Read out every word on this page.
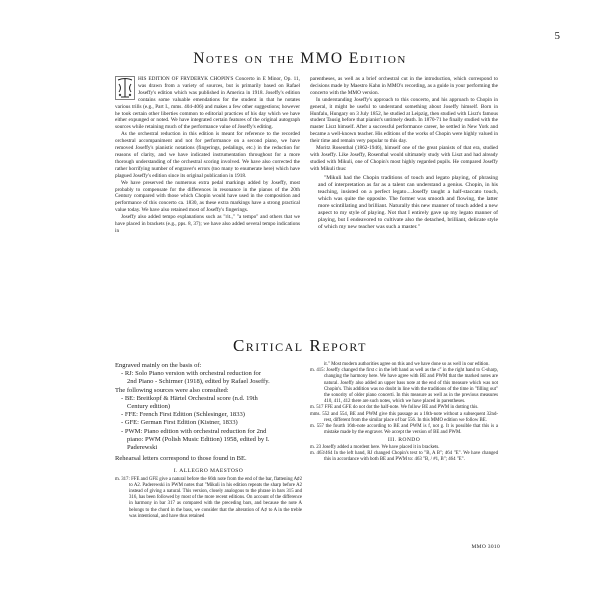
5
Notes on the MMO Edition

HIS EDITION OF FRYDERYK CHOPIN'S Concerto in E Minor, Op. 11, was drawn from a variety of sources, but is primarily based on Rafael Joseffy's edition which was published in America in 1918. Joseffy's edition contains some valuable emendations for the student in that he notates various trills (e.g., Part I., mms. 404-406) and makes a few other suggestions; however he took certain other liberties common to editorial practices of his day which we have either expunged or noted. We have integrated certain features of the original autograph sources while retaining much of the performance value of Joseffy's editing.

As the orchestral reduction in this edition is meant for reference to the recorded orchestral accompaniment and not for performance on a second piano, we have removed Joseffy's pianistic notations (fingerings, pedalings, etc.) in the reduction for reasons of clarity, and we have indicated instrumentation throughout for a more thorough understanding of the orchestral scoring involved. We have also corrected the rather horrifying number of engraver's errors (too many to enumerate here) which have plagued Joseffy's edition since its original publication in 1918.

We have preserved the numerous extra pedal markings added by Joseffy, most probably to compensate for the differences in resonance in the pianos of the 20th Century compared with those which Chopin would have used in the composition and performance of this concerto ca. 1830, as these extra markings have a strong practical value today. We have also retained most of Joseffy's fingerings.

Joseffy also added tempo explanations such as "rit.," "a tempo" and others that we have placed in brackets (e.g., pps. 8, 37); we have also added several tempo indications in

parentheses, as well as a brief orchestral cut in the introduction, which correspond to decisions made by Maestro Kahn in MMO's recording, as a guide in your performing the concerto with the MMO version.

In understanding Joseffy's approach to this concerto, and his approach to Chopin in general, it might be useful to understand something about Joseffy himself. Born in Hunfalu, Hungary on 3 July 1852, he studied at Leipzig, then studied with Liszt's famous student Tausig before that pianist's untimely death. In 1870-71 he finally studied with the master Liszt himself. After a successful performance career, he settled in New York and became a well-known teacher. His editions of the works of Chopin were highly valued in their time and remain very popular to this day.

Moritz Rosenthal (1862-1946), himself one of the great pianists of that era, studied with Joseffy. Like Joseffy, Rosenthal would ultimately study with Liszt and had already studied with Mikuli, one of Chopin's most highly regarded pupils. He compared Joseffy with Mikuli thus:

"Mikuli had the Chopin traditions of touch and legato playing, of phrasing and of interpretation as far as a talent can understand a genius. Chopin, in his teaching, insisted on a perfect legato....Joseffy taught a half-staccato touch, which was quite the opposite. The former was smooth and flowing, the latter more scintillating and brilliant. Naturally this new manner of touch added a new aspect to my style of playing. Not that I entirely gave up my legato manner of playing, but I endeavored to cultivate also the detached, brilliant, delicate style of which my new teacher was such a master."

Critical Report
Engraved mainly on the basis of:
- RJ: Solo Piano version with orchestral reduction for
2nd Piano - Schirmer (1918), edited by Rafael Joseffy.
The following sources were also consulted:
- BE: Breitkopf & Härtel Orchestral score (n.d. 19th
Century edition)
- FFE: French First Edition (Schlesinger, 1833)
- GFE: German First Edition (Kistner, 1833)
- PWM: Piano edition with orchestral reduction for 2nd
piano: PWM (Polish Music Edition) 1958, edited by I.
Paderewski
Rehearsal letters correspond to those found in BE.
I. ALLEGRO MAESTOSO
m. 317: FFE and GFE give a natural before the 66th note from the end of the bar, flattening A♯2 to A2. Paderewski in PWM notes that "Mikuli in his edition repeats the sharp before A2 instead of giving a natural. This version, closely analogous to the phrase in bars 315 and 316, has been followed by most of the more recent editions. On account of the difference in harmony in bar 317 as compared with the preceding bars, and because the note A belongs to the chord in the bass, we consider that the alteration of A♯ to A in the treble was intentional, and have thus retained
it." Most modern authorities agree on this and we have done so as well in our edition.
m. 415: Joseffy changed the first c in the left hand as well as the c'' in the right hand to C-sharp, changing the harmony here. We have agree with BE and PWM that the marked notes are natural. Joseffy also added an upper bass note at the end of this measure which was not Chopin's. This addition was no doubt in line with the traditions of the time in "filling out" the sonority of older piano concerti. In this measure as well as in the previous measures 410, 411, 412 there are such notes, which we have placed in parentheses.
m. 517 FFE and GFE do not dot the half-note. We follow BE and PWM in dotting this.
mms. 552 and 554, BE and PWM give this passage as a 16th-note without a subsequent 32nd-rest, different from the similar place of bar 556. In this MMO edition we follow BE.
m. 557 the fourth 16th-note according to BE and PWM is f, not g. It is possible that this is a mistake made by the engraver. We accept the version of BE and PWM.
III. RONDO
m. 23 Joseffy added a mordent here. We have placed it in brackets.
m. 463/464 In the left hand, RJ changed Chopin's text to "B, A B"; 464 "E". We have changed this in accordance with both BE and PWM to: 463 "B, / #1, B"; 464 "E".
MMO 3010
